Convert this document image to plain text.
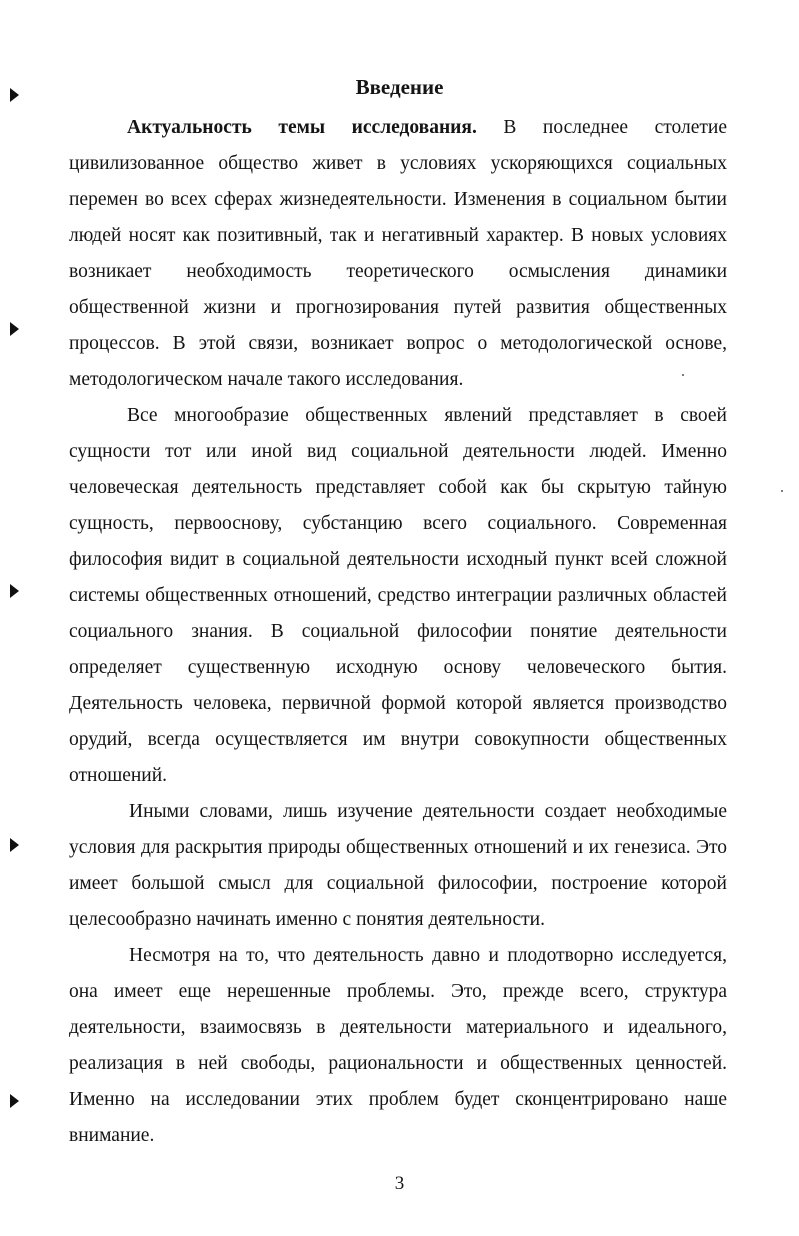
Введение

Актуальность темы исследования. В последнее столетие цивилизованное общество живет в условиях ускоряющихся социальных перемен во всех сферах жизнедеятельности. Изменения в социальном бытии людей носят как позитивный, так и негативный характер. В новых условиях возникает необходимость теоретического осмысления динамики общественной жизни и прогнозирования путей развития общественных процессов. В этой связи, возникает вопрос о методологической основе, методологическом начале такого исследования.

Все многообразие общественных явлений представляет в своей сущности тот или иной вид социальной деятельности людей. Именно человеческая деятельность представляет собой как бы скрытую тайную сущность, первооснову, субстанцию всего социального. Современная философия видит в социальной деятельности исходный пункт всей сложной системы общественных отношений, средство интеграции различных областей социального знания. В социальной философии понятие деятельности определяет существенную исходную основу человеческого бытия. Деятельность человека, первичной формой которой является производство орудий, всегда осуществляется им внутри совокупности общественных отношений.

Иными словами, лишь изучение деятельности создает необходимые условия для раскрытия природы общественных отношений и их генезиса. Это имеет большой смысл для социальной философии, построение которой целесообразно начинать именно с понятия деятельности.

Несмотря на то, что деятельность давно и плодотворно исследуется, она имеет еще нерешенные проблемы. Это, прежде всего, структура деятельности, взаимосвязь в деятельности материального и идеального, реализация в ней свободы, рациональности и общественных ценностей. Именно на исследовании этих проблем будет сконцентрировано наше внимание.

3
